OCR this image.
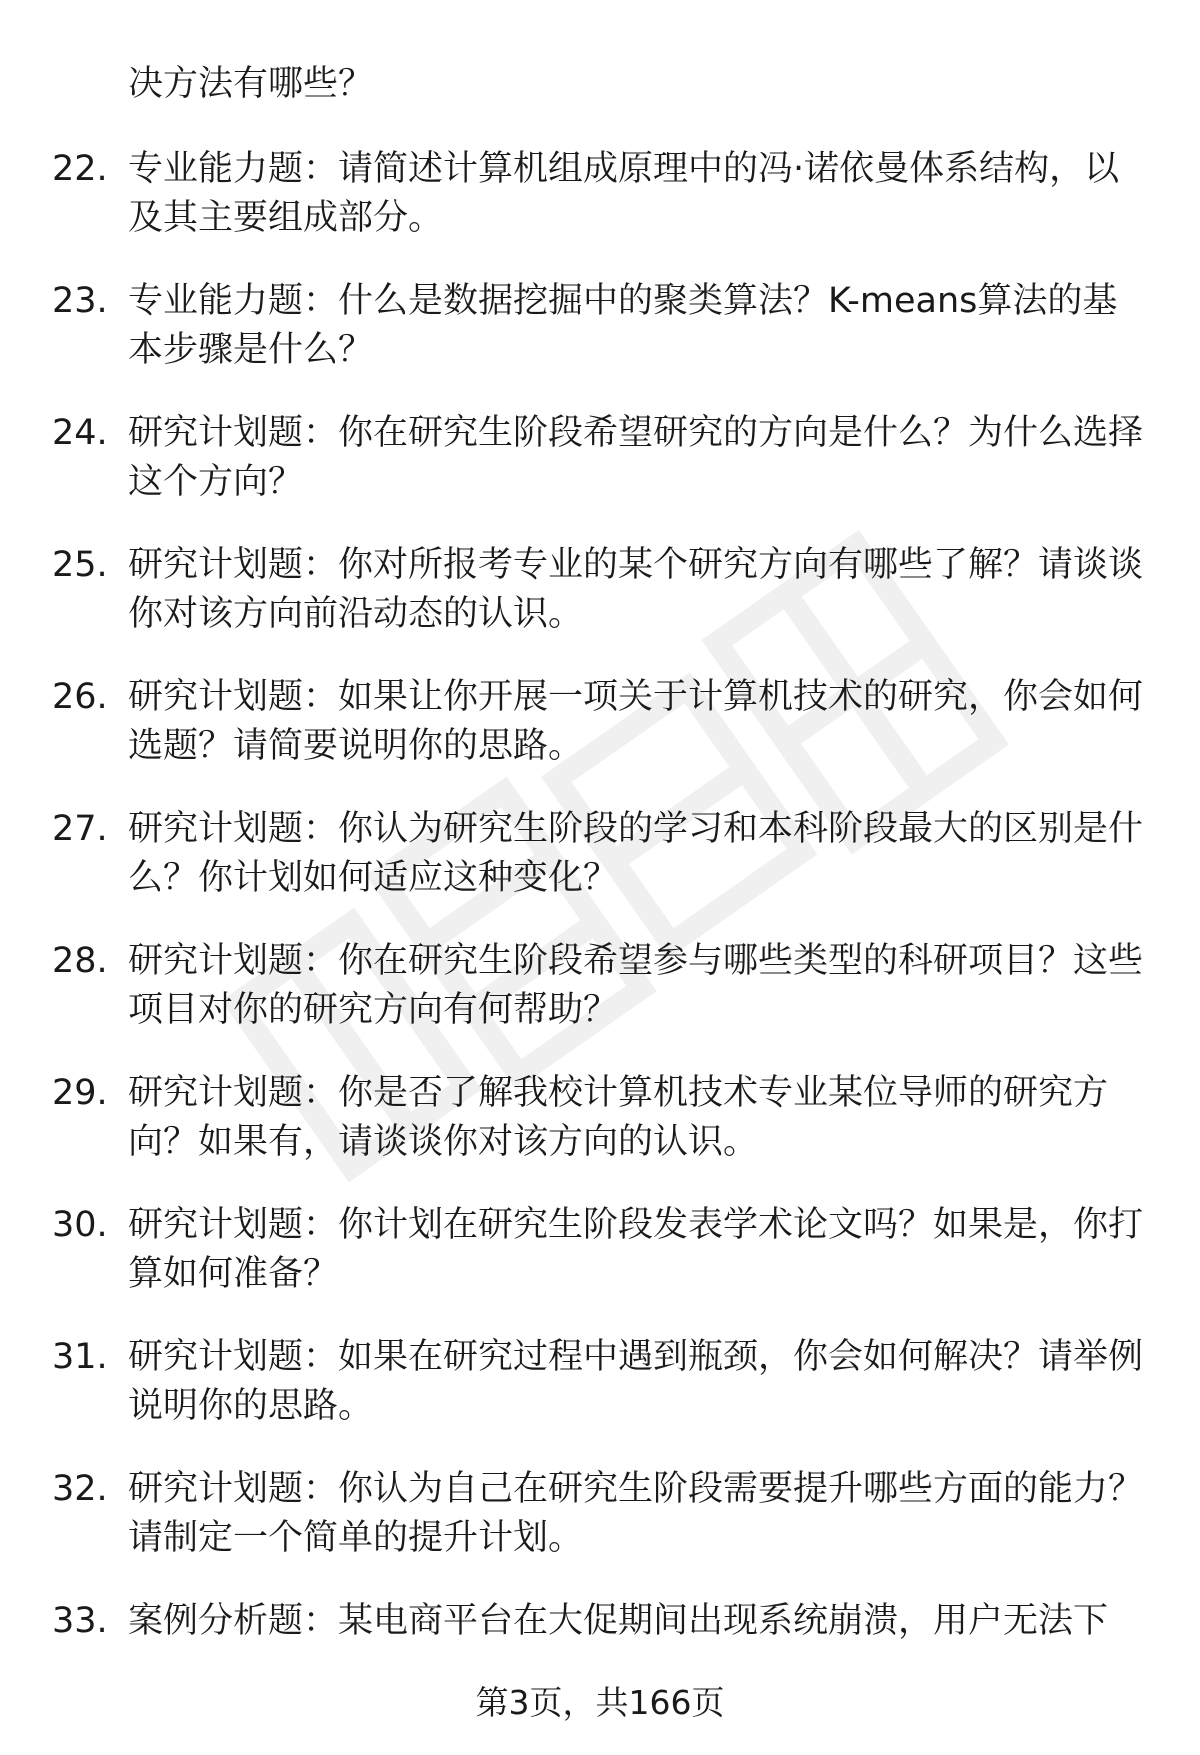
决方法有哪些？

22. 专业能力题：请简述计算机组成原理中的冯·诺依曼体系结构，以及其主要组成部分。
23. 专业能力题：什么是数据挖掘中的聚类算法？K-means算法的基本步骤是什么？
24. 研究计划题：你在研究生阶段希望研究的方向是什么？为什么选择这个方向？
25. 研究计划题：你对所报考专业的某个研究方向有哪些了解？请谈谈你对该方向前沿动态的认识。
26. 研究计划题：如果让你开展一项关于计算机技术的研究，你会如何选题？请简要说明你的思路。
27. 研究计划题：你认为研究生阶段的学习和本科阶段最大的区别是什么？你计划如何适应这种变化？
28. 研究计划题：你在研究生阶段希望参与哪些类型的科研项目？这些项目对你的研究方向有何帮助？
29. 研究计划题：你是否了解我校计算机技术专业某位导师的研究方向？如果有，请谈谈你对该方向的认识。
30. 研究计划题：你计划在研究生阶段发表学术论文吗？如果是，你打算如何准备？
31. 研究计划题：如果在研究过程中遇到瓶颈，你会如何解决？请举例说明你的思路。
32. 研究计划题：你认为自己在研究生阶段需要提升哪些方面的能力？请制定一个简单的提升计划。
33. 案例分析题：某电商平台在大促期间出现系统崩溃，用户无法下
第3页，共166页
